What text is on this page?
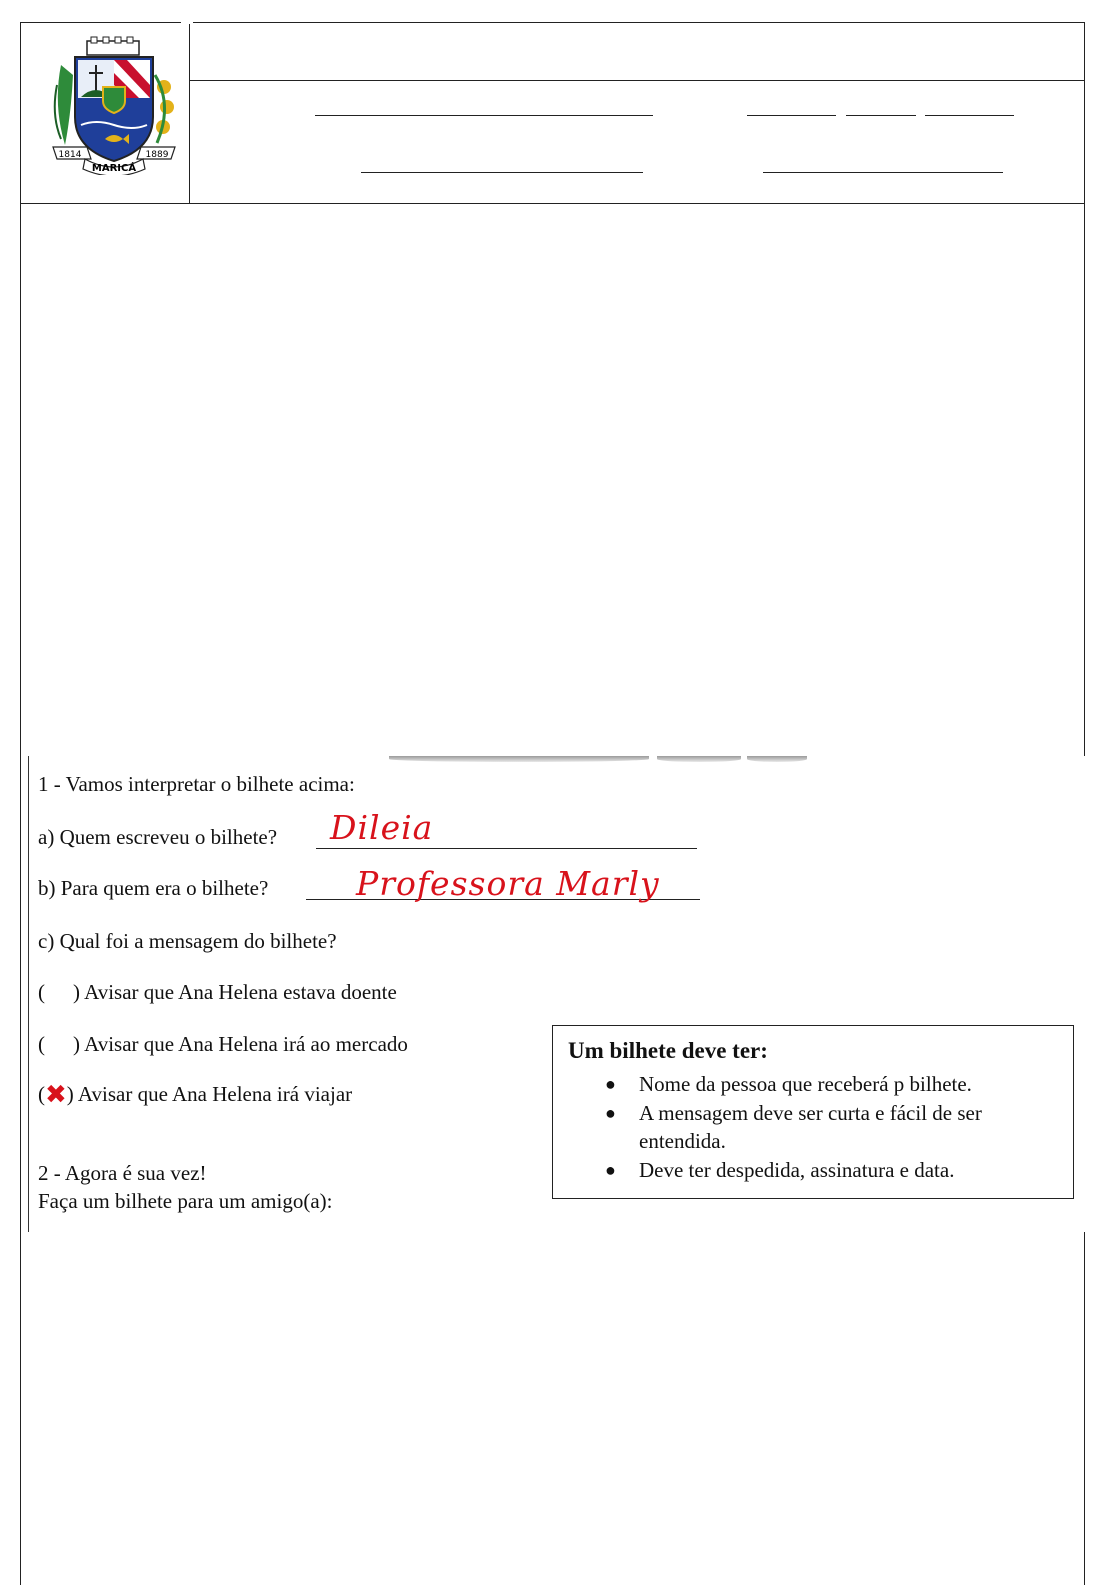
1814	1889
MARICÁ
1 - Vamos interpretar o bilhete acima:
a) Quem escreveu o bilhete? Dileia
b) Para quem era o bilhete?	Professora Marly
c) Qual foi a mensagem do bilhete?
( ) Avisar que Ana Helena estava doente
( ) Avisar que Ana Helena irá ao mercado
(✖) Avisar que Ana Helena irá viajar
2 - Agora é sua vez!
Faça um bilhete para um amigo(a):
Um bilhete deve ter:
● Nome da pessoa que receberá p bilhete.
● A mensagem deve ser curta e fácil de ser entendida.
● Deve ter despedida, assinatura e data.
